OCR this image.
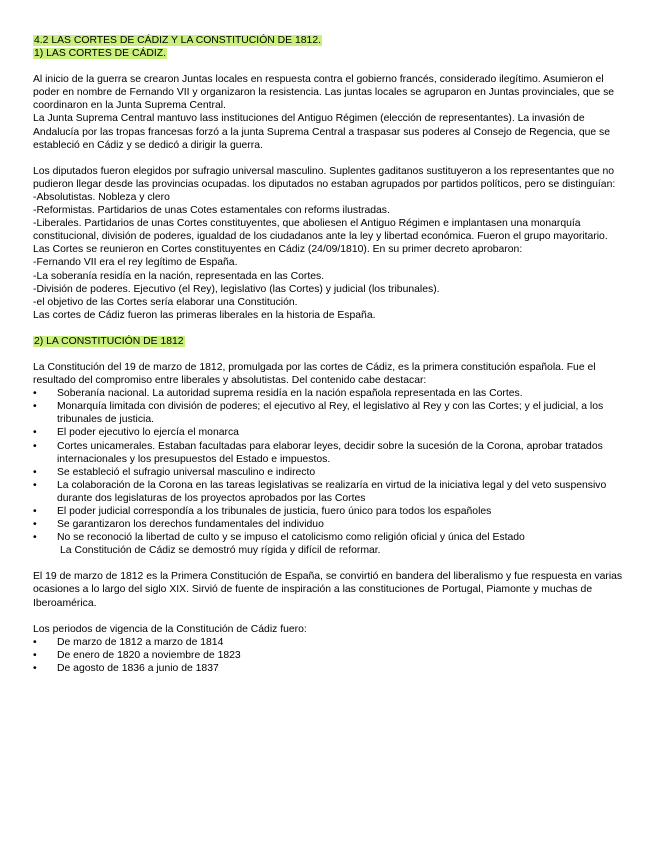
4.2 LAS CORTES DE CÁDIZ Y LA CONSTITUCIÓN DE 1812.

1) LAS CORTES DE CÁDIZ.

Al inicio de la guerra se crearon Juntas locales en respuesta contra el gobierno francés, considerado ilegítimo. Asumieron el poder en nombre de Fernando VII y organizaron la resistencia. Las juntas locales se agruparon en Juntas provinciales, que se coordinaron en la Junta Suprema Central.

La Junta Suprema Central mantuvo lass instituciones del Antiguo Régimen (elección de representantes). La invasión de Andalucía por las tropas francesas forzó a la junta Suprema Central a traspasar sus poderes al Consejo de Regencia, que se estableció en Cádiz y se dedicó a dirigir la guerra.

Los diputados fueron elegidos por sufragio universal masculino. Suplentes gaditanos sustituyeron a los representantes que no pudieron llegar desde las provincias ocupadas. los diputados no estaban agrupados por partidos políticos, pero se distinguían:

-Absolutistas. Nobleza y clero

-Reformistas. Partidarios de unas Cotes estamentales con reforms ilustradas.

-Liberales. Partidarios de unas Cortes constituyentes, que aboliesen el Antiguo Régimen e implantasen una monarquía constitucional, división de poderes, igualdad de los ciudadanos ante la ley y libertad económica. Fueron el grupo mayoritario.

Las Cortes se reunieron en Cortes constituyentes en Cádiz (24/09/1810). En su primer decreto aprobaron:

-Fernando VII era el rey legítimo de España.

-La soberanía residía en la nación, representada en las Cortes.

-División de poderes. Ejecutivo (el Rey), legislativo (las Cortes) y judicial (los tribunales).

-el objetivo de las Cortes sería elaborar una Constitución.

Las cortes de Cádiz fueron las primeras liberales en la historia de España.

2) LA CONSTITUCIÓN DE 1812

La Constitución del 19 de marzo de 1812, promulgada por las cortes de Cádiz, es la primera constitución española. Fue el resultado del compromiso entre liberales y absolutistas. Del contenido cabe destacar:

• Soberanía nacional. La autoridad suprema residía en la nación española representada en las Cortes.
• Monarquía limitada con división de poderes; el ejecutivo al Rey, el legislativo al Rey y con las Cortes; y el judicial, a los tribunales de justicia.
• El poder ejecutivo lo ejercía el monarca
• Cortes unicamerales. Estaban facultadas para elaborar leyes, decidir sobre la sucesión de la Corona, aprobar tratados internacionales y los presupuestos del Estado e impuestos.
• Se estableció el sufragio universal masculino e indirecto
• La colaboración de la Corona en las tareas legislativas se realizaría en virtud de la iniciativa legal y del veto suspensivo durante dos legislaturas de los proyectos aprobados por las Cortes
• El poder judicial correspondía a los tribunales de justicia, fuero único para todos los españoles
• Se garantizaron los derechos fundamentales del individuo
• No se reconoció la libertad de culto y se impuso el catolicismo como religión oficial y única del Estado

La Constitución de Cádiz se demostró muy rígida y difícil de reformar.

El 19 de marzo de 1812 es la Primera Constitución de España, se convirtió en bandera del liberalismo y fue respuesta en varias ocasiones a lo largo del siglo XIX. Sirvió de fuente de inspiración a las constituciones de Portugal, Piamonte y muchas de Iberoamérica.

Los periodos de vigencia de la Constitución de Cádiz fuero:

• De marzo de 1812 a marzo de 1814
• De enero de 1820 a noviembre de 1823
• De agosto de 1836 a junio de 1837
